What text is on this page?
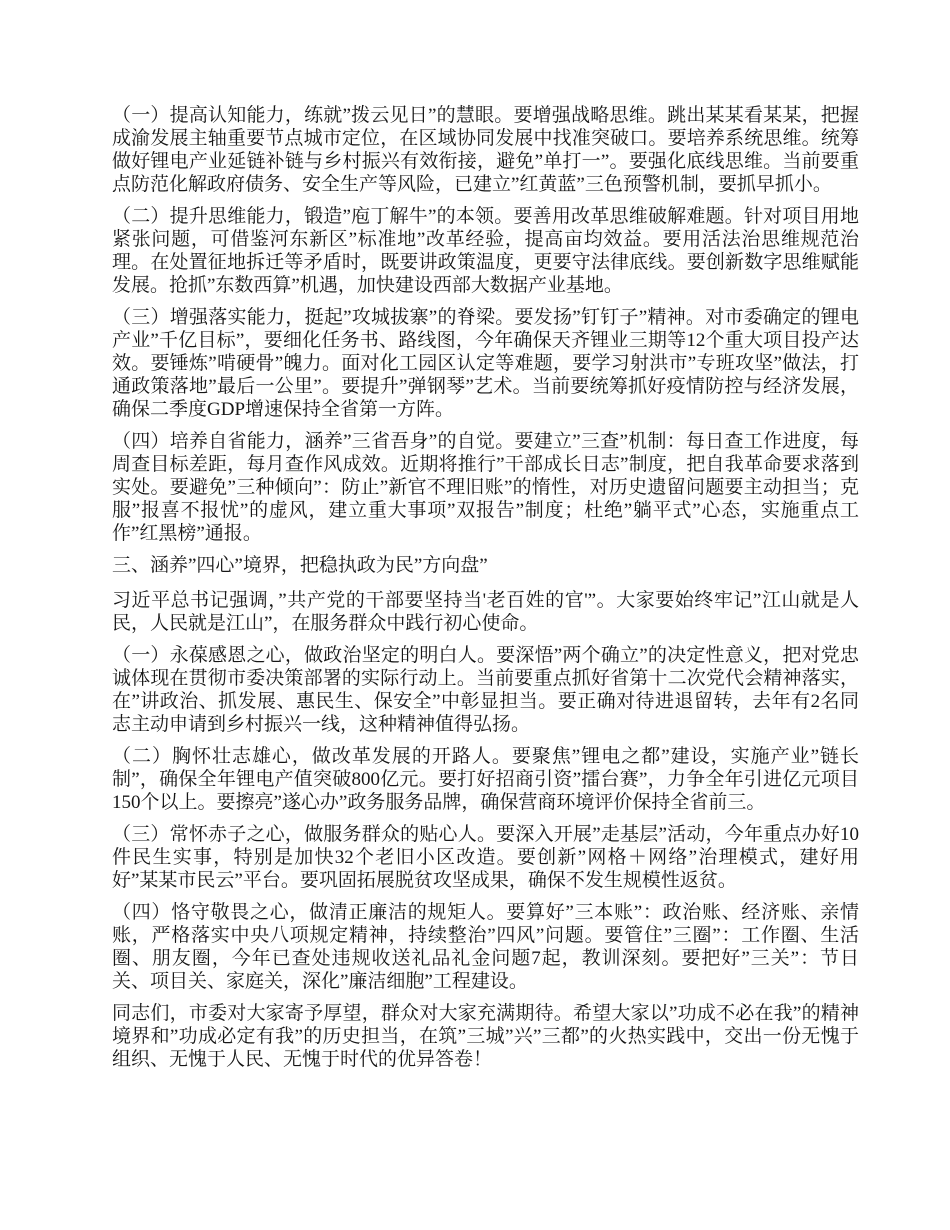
（一）提高认知能力，练就”拨云见日”的慧眼。要增强战略思维。跳出某某看某某，把握成渝发展主轴重要节点城市定位，在区域协同发展中找准突破口。要培养系统思维。统筹做好锂电产业延链补链与乡村振兴有效衔接，避免”单打一”。要强化底线思维。当前要重点防范化解政府债务、安全生产等风险，已建立”红黄蓝”三色预警机制，要抓早抓小。

（二）提升思维能力，锻造”庖丁解牛”的本领。要善用改革思维破解难题。针对项目用地紧张问题，可借鉴河东新区”标准地”改革经验，提高亩均效益。要用活法治思维规范治理。在处置征地拆迁等矛盾时，既要讲政策温度，更要守法律底线。要创新数字思维赋能发展。抢抓”东数西算”机遇，加快建设西部大数据产业基地。

（三）增强落实能力，挺起”攻城拔寨”的脊梁。要发扬”钉钉子”精神。对市委确定的锂电产业”千亿目标”，要细化任务书、路线图，今年确保天齐锂业三期等12个重大项目投产达效。要锤炼”啃硬骨”魄力。面对化工园区认定等难题，要学习射洪市”专班攻坚”做法，打通政策落地”最后一公里”。要提升”弹钢琴”艺术。当前要统筹抓好疫情防控与经济发展，确保二季度GDP增速保持全省第一方阵。

（四）培养自省能力，涵养”三省吾身”的自觉。要建立”三查”机制：每日查工作进度，每周查目标差距，每月查作风成效。近期将推行”干部成长日志”制度，把自我革命要求落到实处。要避免”三种倾向”：防止”新官不理旧账”的惰性，对历史遗留问题要主动担当；克服”报喜不报忧”的虚风，建立重大事项”双报告”制度；杜绝”躺平式”心态，实施重点工作”红黑榜”通报。

三、涵养”四心”境界，把稳执政为民”方向盘”

习近平总书记强调，”共产党的干部要坚持当'老百姓的官'”。大家要始终牢记”江山就是人民，人民就是江山”，在服务群众中践行初心使命。

（一）永葆感恩之心，做政治坚定的明白人。要深悟”两个确立”的决定性意义，把对党忠诚体现在贯彻市委决策部署的实际行动上。当前要重点抓好省第十二次党代会精神落实，在”讲政治、抓发展、惠民生、保安全”中彰显担当。要正确对待进退留转，去年有2名同志主动申请到乡村振兴一线，这种精神值得弘扬。

（二）胸怀壮志雄心，做改革发展的开路人。要聚焦”锂电之都”建设，实施产业”链长制”，确保全年锂电产值突破800亿元。要打好招商引资”擂台赛”，力争全年引进亿元项目150个以上。要擦亮”遂心办”政务服务品牌，确保营商环境评价保持全省前三。

（三）常怀赤子之心，做服务群众的贴心人。要深入开展”走基层”活动，今年重点办好10件民生实事，特别是加快32个老旧小区改造。要创新”网格＋网络”治理模式，建好用好”某某市民云”平台。要巩固拓展脱贫攻坚成果，确保不发生规模性返贫。

（四）恪守敬畏之心，做清正廉洁的规矩人。要算好”三本账”：政治账、经济账、亲情账，严格落实中央八项规定精神，持续整治”四风”问题。要管住”三圈”：工作圈、生活圈、朋友圈，今年已查处违规收送礼品礼金问题7起，教训深刻。要把好”三关”：节日关、项目关、家庭关，深化”廉洁细胞”工程建设。

同志们，市委对大家寄予厚望，群众对大家充满期待。希望大家以”功成不必在我”的精神境界和”功成必定有我”的历史担当，在筑”三城”兴”三都”的火热实践中，交出一份无愧于组织、无愧于人民、无愧于时代的优异答卷！
